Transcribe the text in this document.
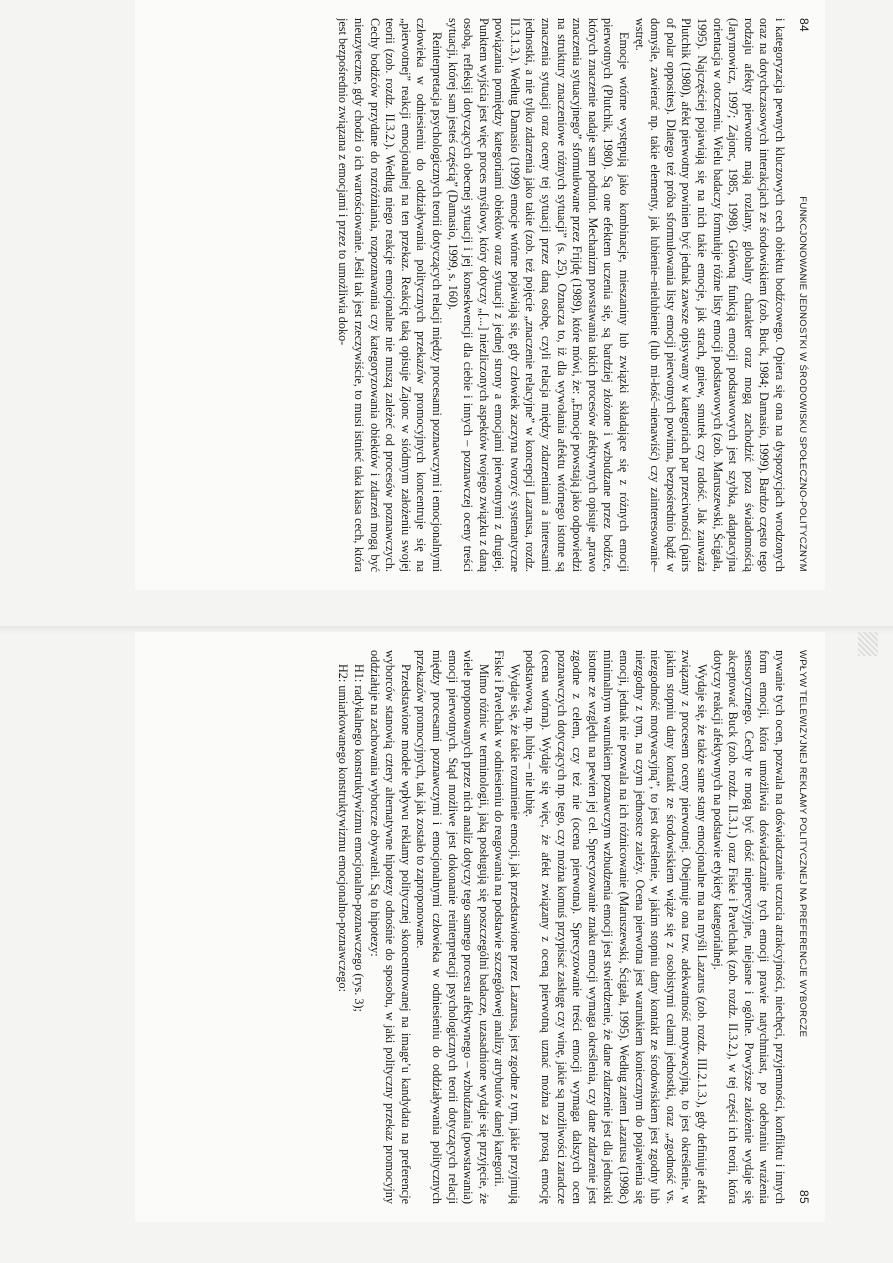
84
FUNKCJONOWANIE JEDNOSTKI W ŚRODOWISKU SPOŁECZNO-POLITYCZNYM

i kategoryzacja pewnych kluczowych cech obiektu bodźcowego. Opiera się ona na dyspozycjach wrodzonych oraz na dotychczasowych interakcjach ze środowiskiem (zob. Buck, 1984; Damasio, 1999). Bardzo często tego rodzaju afekty pierwotne mają rozlany, globalny charakter oraz mogą zachodzić poza świadomością (Jarymowicz, 1997; Zajonc, 1985, 1998). Główną funkcją emocji podstawowych jest szybka, adaptacyjna orientacja w otoczeniu. Wielu badaczy formułuje różne listy emocji podstawowych (zob. Maruszewski, Ścigała, 1995). Najczęściej pojawiają się na nich takie emocje, jak strach, gniew, smutek czy radość. Jak zauważa Plutchik (1980), afekt pierwotny powinien być jednak zawsze opisywany w kategoriach par przeciwności (pairs of polar opposites). Dlatego też próba sformułowania listy emocji pierwotnych powinna, bezpośrednio bądź w domyśle, zawierać np. takie elementy, jak lubienie–nielubienie (lub mi-łość–nienawiść) czy zainteresowanie–wstręt.

Emocje wtórne występują jako kombinacje, mieszaniny lub związki składające się z różnych emocji pierwotnych (Plutchik, 1980). Są one efektem uczenia się, są bardziej złożone i wzbudzane przez bodźce, których znaczenie nadaje sam podmiot. Mechanizm powstawania takich procesów afektywnych opisuje „prawo znaczenia sytuacyjnego” sformułowane przez Frijdę (1989), które mówi, że: „Emocje powstają jako odpowiedzi na struktury znaczeniowe różnych sytuacji” (s. 25). Oznacza to, iż dla wywołania afektu wtórnego istotne są znaczenia sytuacji oraz oceny tej sytuacji przez daną osobę, czyli relacja między zdarzeniami a interesami jednostki, a nie tylko zdarzenia jako takie (zob. też pojęcie „znaczenie relacyjne” w koncepcji Lazarusa, rozdz. II.3.1.3.). Według Damasio (1999) emocje wtórne pojawiają się, gdy człowiek zaczyna tworzyć systematyczne powiązania pomiędzy kategoriami obiektów oraz sytuacji z jednej strony a emocjami pierwotnymi z drugiej. Punktem wyjścia jest więc proces myślowy, który dotyczy „[...] niezliczonych aspektów twojego związku z daną osobą, refleksji dotyczących obecnej sytuacji i jej konsekwencji dla ciebie i innych – poznawczej oceny treści sytuacji, której sam jesteś częścią” (Damasio, 1999, s. 160).

Reinterpretacja psychologicznych teorii dotyczących relacji między procesami poznawczymi i emocjonalnymi człowieka w odniesieniu do oddziaływania politycznych przekazów promocyjnych koncentruje się na „pierwotnej” reakcji emocjonalnej na ten przekaz. Reakcję taką opisuje Zajonc w siódmym założeniu swojej teorii (zob. rozdz. II.3.2.). Według niego reakcje emocjonalne nie muszą zależeć od procesów poznawczych. Cechy bodźców przydane do rozróżniania, rozpoznawania czy kategoryzowania obiektów i zdarzeń mogą być nieuzyteczne, gdy chodzi o ich wartościowanie. Jeśli tak jest rzeczywiście, to musi istnieć taka klasa cech, która jest bezpośrednio związana z emocjami i przez to umożliwia doko-

WPŁYW TELEWIZYJNEJ REKLAMY POLITYCZNEJ NA PREFERENCJE WYBORCZE
85

nywanie tych ocen, pozwala na doświadczanie uczucia atrakcyjności, niechęci, przyjemności, konfliktu i innych form emocji, która umożliwia doświadczanie tych emocji prawie natychmiast, po odebraniu wrażenia sensorycznego. Cechy te mogą być dość nieprecyzyjne, niejasne i ogólne. Powyższe założenie wydaje się akceptować Buck (zob. rozdz. II.3.1.) oraz Fiske i Pavelchak (zob. rozdz. II.3.2.), w tej części ich teorii, która dotyczy reakcji afektywnych na podstawie etykiety kategorialnej.

Wydaje się, że także same stany emocjonalne ma na myśli Lazarus (zob. rozdz. III.2.1.3.), gdy definiuje afekt związany z procesem oceny pierwotnej. Obejmuje ona tzw. adekwatność motywacyjną, to jest określenie, w jakim stopniu dany kontakt ze środowiskiem wiąże się z osobistymi celami jednostki, oraz „zgodność vs. niezgodność motywacyjną”, to jest określenie, w jakim stopniu dany kontakt ze środowiskiem jest zgodny lub niezgodny z tym, na czym jednostce zależy. Ocena pierwotna jest warunkiem koniecznym do pojawienia się emocji, jednak nie pozwala na ich różnicowanie (Maruszewski, Ścigała, 1995). Według zatem Lazarusa (1998c) minimalnym warunkiem poznawczym wzbudzenia emocji jest stwierdzenie, że dane zdarzenie jest dla jednostki istotne ze względu na pewien jej cel. Sprecyzowanie znaku emocji wymaga określenia, czy dane zdarzenie jest zgodne z celem, czy też nie (ocena pierwotna). Sprecyzowanie treści emocji wymaga dalszych ocen poznawczych dotyczących np. tego, czy można komuś przypisać zasługę czy winę, jakie są możliwości zaradcze (ocena wtórna). Wydaje się więc, że afekt związany z oceną pierwotną uznać można za prostą emocję podstawową, np. lubię – nie lubię.

Wydaje się, że takie rozumienie emocji, jak przedstawione przez Lazarusa, jest zgodne z tym, jakie przyjmują Fiske i Pavelchak w odniesieniu do reagowania na podstawie szczegółowej analizy atrybutów danej kategorii.

Mimo różnic w terminologii, jaką posługują się poszczególni badacze, uzasadnione wydaje się przyjęcie, że wiele proponowanych przez nich analiz dotyczy tego samego procesu afektywnego – wzbudzania (powstawania) emocji pierwotnych. Stąd możliwe jest dokonanie reinterpretacji psychologicznych teorii dotyczących relacji między procesami poznawczymi i emocjonalnymi człowieka w odniesieniu do oddziaływania politycznych przekazów promocyjnych, tak jak zostało to zaproponowane.

Przedstawione modele wpływu reklamy politycznej skoncentrowanej na image’u kandydata na preferencje wyborców stanowią cztery alternatywne hipotezy odnośnie do sposobu, w jaki polityczny przekaz promocyjny oddziałuje na zachowania wyborcze obywateli. Są to hipotezy:

H1: radykalnego konstruktywizmu emocjonalno-poznawczego (rys. 3);

H2: umiarkowanego konstruktywizmu emocjonalno-poznawczego:
